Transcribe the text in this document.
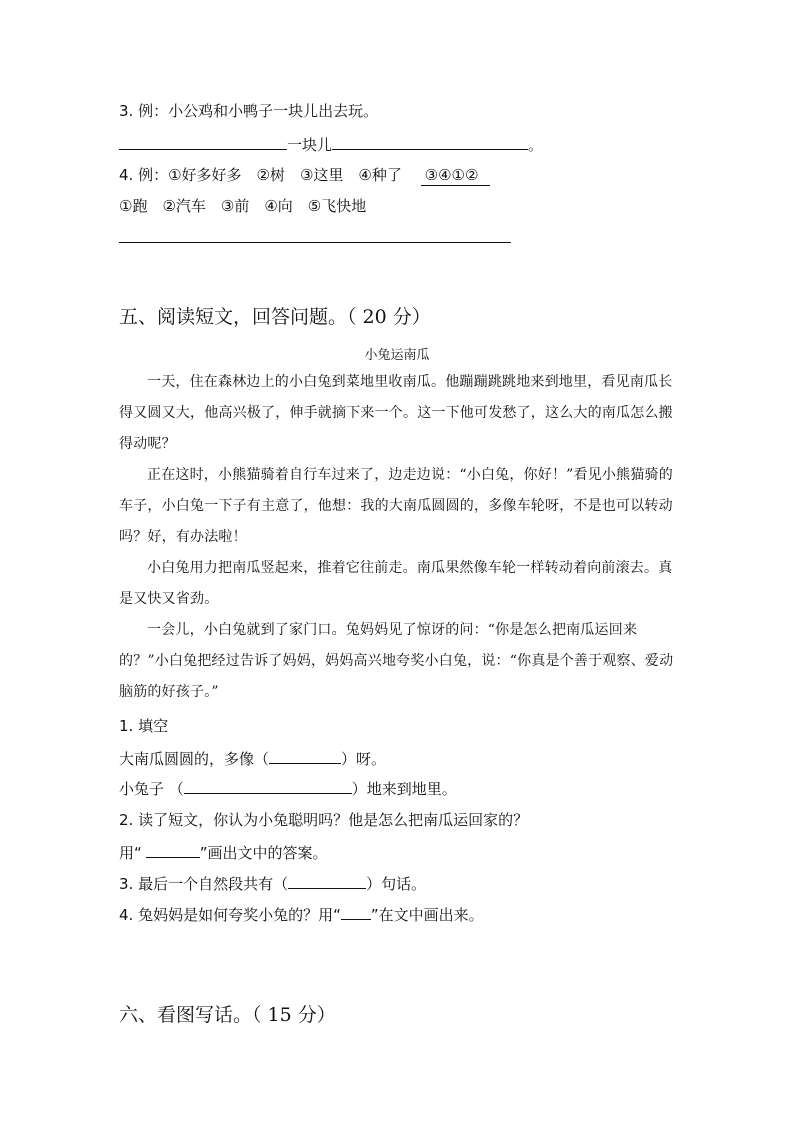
3. 例：小公鸡和小鸭子一块儿出去玩。
一块儿	。
4. 例：①好多好多　②树　③这里　④种了 ③④①②
①跑　②汽车　③前　④向　⑤飞快地
五、阅读短文，回答问题。（ 20 分）
小兔运南瓜
一天，住在森林边上的小白兔到菜地里收南瓜。他蹦蹦跳跳地来到地里，看见南瓜长得又圆又大，他高兴极了，伸手就摘下来一个。这一下他可发愁了，这么大的南瓜怎么搬得动呢？
正在这时，小熊猫骑着自行车过来了，边走边说：“小白兔，你好！”看见小熊猫骑的车子，小白兔一下子有主意了，他想：我的大南瓜圆圆的，多像车轮呀，不是也可以转动吗？好，有办法啦！
小白兔用力把南瓜竖起来，推着它往前走。南瓜果然像车轮一样转动着向前滚去。真是又快又省劲。
一会儿，小白兔就到了家门口。兔妈妈见了惊讶的问：“你是怎么把南瓜运回来的？”小白兔把经过告诉了妈妈，妈妈高兴地夸奖小白兔，说：“你真是个善于观察、爱动脑筋的好孩子。”
1. 填空
大南瓜圆圆的，多像（	）呀。
小兔子 （	）地来到地里。
2. 读了短文，你认为小兔聪明吗？他是怎么把南瓜运回家的？
用“	”画出文中的答案。
3. 最后一个自然段共有（	）句话。
4. 兔妈妈是如何夸奖小兔的？用“ ”在文中画出来。
六、看图写话。（ 15 分）
